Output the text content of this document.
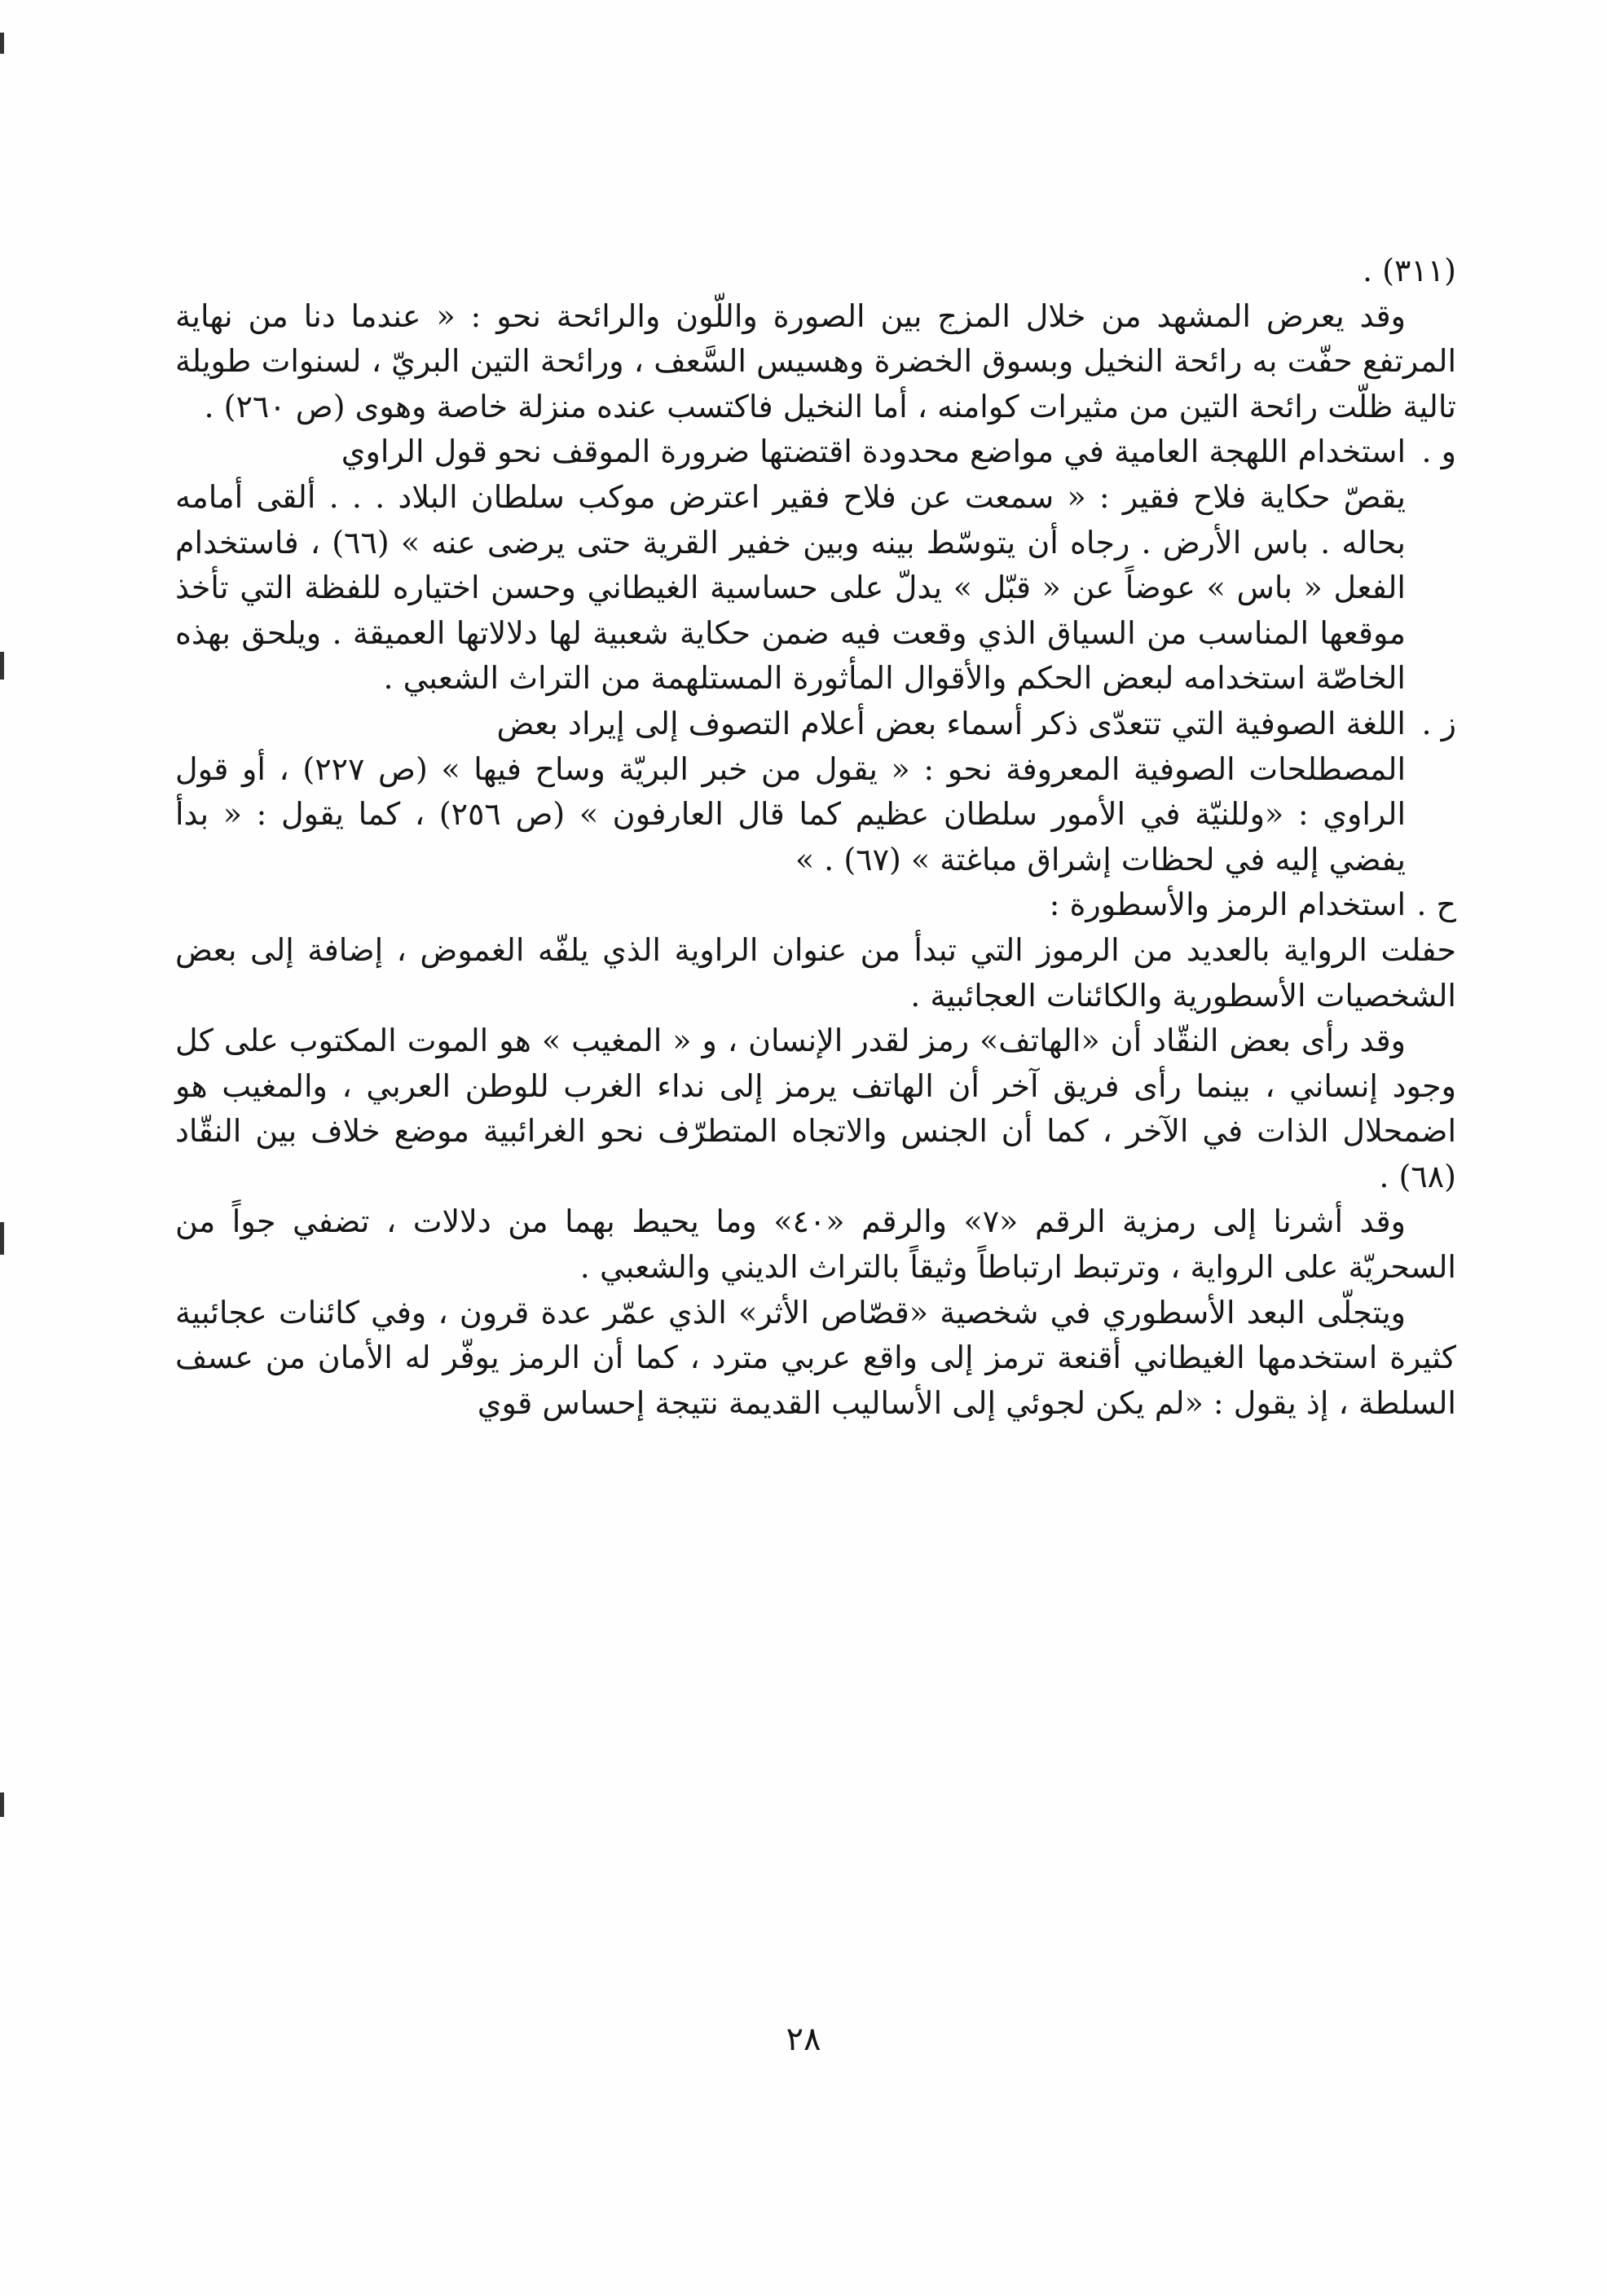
(٣١١) .

وقد يعرض المشهد من خلال المزج بين الصورة واللّون والرائحة نحو : « عندما دنا من نهاية المرتفع حفّت به رائحة النخيل وبسوق الخضرة وهسيس السَّعف ، ورائحة التين البريّ ، لسنوات طويلة تالية ظلّت رائحة التين من مثيرات كوامنه ، أما النخيل فاكتسب عنده منزلة خاصة وهوى (ص ٢٦٠) .

و .استخدام اللهجة العامية في مواضع محدودة اقتضتها ضرورة الموقف نحو قول الراوي

يقصّ حكاية فلاح فقير : « سمعت عن فلاح فقير اعترض موكب سلطان البلاد . . . ألقى أمامه بحاله . باس الأرض . رجاه أن يتوسّط بينه وبين خفير القرية حتى يرضى عنه » (٦٦) ، فاستخدام الفعل « باس » عوضاً عن « قبّل » يدلّ على حساسية الغيطاني وحسن اختياره للفظة التي تأخذ موقعها المناسب من السياق الذي وقعت فيه ضمن حكاية شعبية لها دلالاتها العميقة . ويلحق بهذه الخاصّة استخدامه لبعض الحكم والأقوال المأثورة المستلهمة من التراث الشعبي .

ز .اللغة الصوفية التي تتعدّى ذكر أسماء بعض أعلام التصوف إلى إيراد بعض

المصطلحات الصوفية المعروفة نحو : « يقول من خبر البريّة وساح فيها » (ص ٢٢٧) ، أو قول الراوي : «وللنيّة في الأمور سلطان عظيم كما قال العارفون » (ص ٢٥٦) ، كما يقول : « بدأ يفضي إليه في لحظات إشراق مباغتة » (٦٧) . »

ح .استخدام الرمز والأسطورة :

حفلت الرواية بالعديد من الرموز التي تبدأ من عنوان الراوية الذي يلفّه الغموض ، إضافة إلى بعض الشخصيات الأسطورية والكائنات العجائبية .

وقد رأى بعض النقّاد أن «الهاتف» رمز لقدر الإنسان ، و « المغيب » هو الموت المكتوب على كل وجود إنساني ، بينما رأى فريق آخر أن الهاتف يرمز إلى نداء الغرب للوطن العربي ، والمغيب هو اضمحلال الذات في الآخر ، كما أن الجنس والاتجاه المتطرّف نحو الغرائبية موضع خلاف بين النقّاد (٦٨) .

وقد أشرنا إلى رمزية الرقم «٧» والرقم «٤٠» وما يحيط بهما من دلالات ، تضفي جواً من السحريّة على الرواية ، وترتبط ارتباطاً وثيقاً بالتراث الديني والشعبي .

ويتجلّى البعد الأسطوري في شخصية «قصّاص الأثر» الذي عمّر عدة قرون ، وفي كائنات عجائبية كثيرة استخدمها الغيطاني أقنعة ترمز إلى واقع عربي مترد ، كما أن الرمز يوفّر له الأمان من عسف السلطة ، إذ يقول : «لم يكن لجوئي إلى الأساليب القديمة نتيجة إحساس قوي

٢٨
